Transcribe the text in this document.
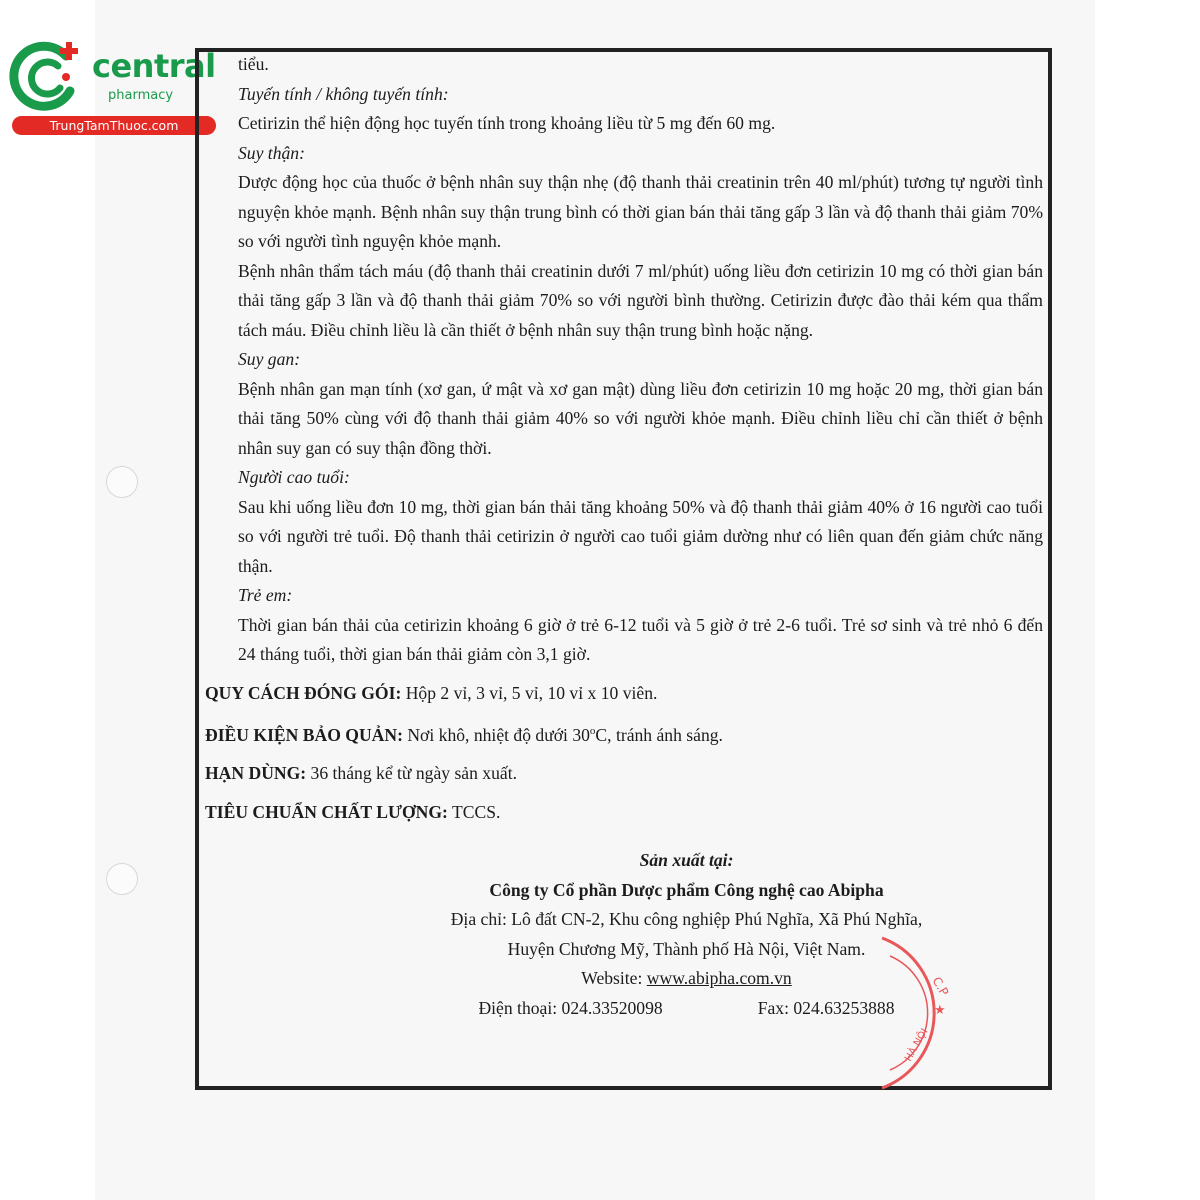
central
pharmacy
TrungTamThuoc.com

tiểu.

Tuyến tính / không tuyến tính:

Cetirizin thể hiện động học tuyến tính trong khoảng liều từ 5 mg đến 60 mg.

Suy thận:

Dược động học của thuốc ở bệnh nhân suy thận nhẹ (độ thanh thải creatinin trên 40 ml/phút) tương tự người tình nguyện khỏe mạnh. Bệnh nhân suy thận trung bình có thời gian bán thải tăng gấp 3 lần và độ thanh thải giảm 70% so với người tình nguyện khỏe mạnh.

Bệnh nhân thẩm tách máu (độ thanh thải creatinin dưới 7 ml/phút) uống liều đơn cetirizin 10 mg có thời gian bán thải tăng gấp 3 lần và độ thanh thải giảm 70% so với người bình thường. Cetirizin được đào thải kém qua thẩm tách máu. Điều chỉnh liều là cần thiết ở bệnh nhân suy thận trung bình hoặc nặng.

Suy gan:

Bệnh nhân gan mạn tính (xơ gan, ứ mật và xơ gan mật) dùng liều đơn cetirizin 10 mg hoặc 20 mg, thời gian bán thải tăng 50% cùng với độ thanh thải giảm 40% so với người khỏe mạnh. Điều chỉnh liều chỉ cần thiết ở bệnh nhân suy gan có suy thận đồng thời.

Người cao tuổi:

Sau khi uống liều đơn 10 mg, thời gian bán thải tăng khoảng 50% và độ thanh thải giảm 40% ở 16 người cao tuổi so với người trẻ tuổi. Độ thanh thải cetirizin ở người cao tuổi giảm dường như có liên quan đến giảm chức năng thận.

Trẻ em:

Thời gian bán thải của cetirizin khoảng 6 giờ ở trẻ 6-12 tuổi và 5 giờ ở trẻ 2-6 tuổi. Trẻ sơ sinh và trẻ nhỏ 6 đến 24 tháng tuổi, thời gian bán thải giảm còn 3,1 giờ.

QUY CÁCH ĐÓNG GÓI: Hộp 2 vỉ, 3 vỉ, 5 vỉ, 10 vỉ x 10 viên.

ĐIỀU KIỆN BẢO QUẢN: Nơi khô, nhiệt độ dưới 30$^o$C, tránh ánh sáng.

HẠN DÙNG: 36 tháng kể từ ngày sản xuất.

TIÊU CHUẨN CHẤT LƯỢNG: TCCS.

Sản xuất tại:
Công ty Cổ phần Dược phẩm Công nghệ cao Abipha
Địa chỉ: Lô đất CN-2, Khu công nghiệp Phú Nghĩa, Xã Phú Nghĩa,
Huyện Chương Mỹ, Thành phố Hà Nội, Việt Nam.
Website: www.abipha.com.vn
Điện thoại: 024.33520098	Fax: 024.63253888
C.P
★
HÀ NỘI
